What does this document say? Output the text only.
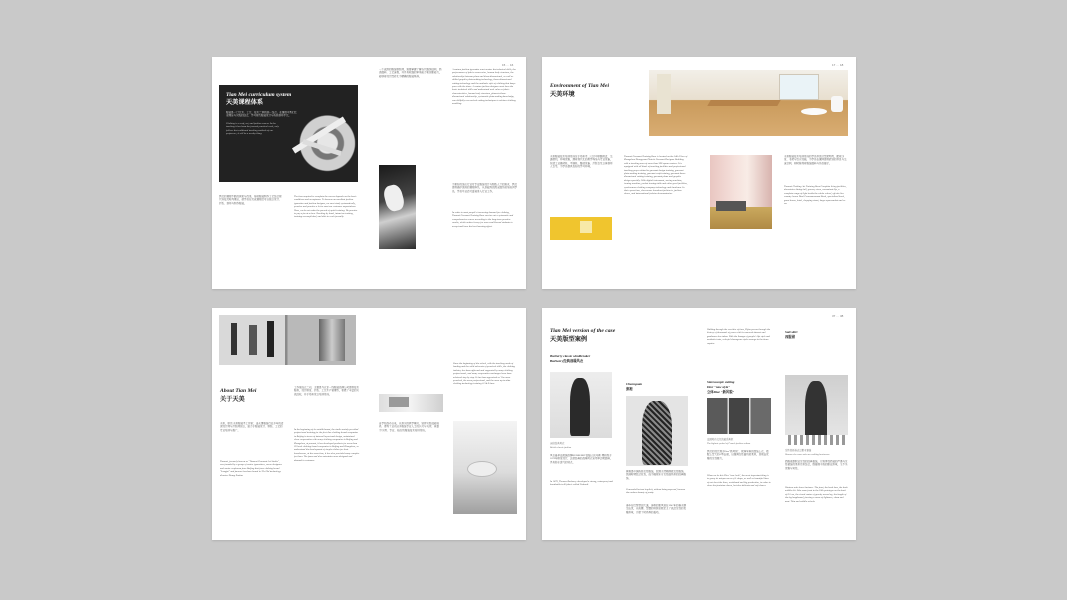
15 ··· 16
Tian Mei curriculum system
天美课程体系
服装是一门'艺术、工艺、技术'之间的统一结合。在课程中我们注重理论与实践的结合，学习现代服装设计与传统裁剪手艺。
Clothing is a craft, art, and fashion course. In the teaching it has been the focused practical work, only follows the traditional teaching methods of our professors, it will be a worthy thing.
我们的课程不断的探索与改进，传统服装制作工艺结合现代科技及时尚理念，使学员在完成课程后可以独立设计、打版、裁剪与制作服装。
The time required to complete the course depends on the basic conditions and acceptance. To become an excellent fashion typesetter and fashion designer, we must study systematically, practice and practice a lot to meet our customer expectations. Here, we do not make the pursuit of quick training. We promise to pay a fee at a time. Teaching by hand, intensive training, training accomplished, and able to work formally.
一个成熟的服装制版师，需要掌握了解当代服饰结构，熟悉面料、工艺流程，并且有较强的审美能力和创新能力，能够将设计图转化为精确的服装纸样。
A mature fashion typesetter must master the technical skills, the performance of fabric accessories, human body structure, the relationship between plane and three-dimensional, as well as skilled graphic plate-making technology, three-dimensional cutting technology and the aesthetic style of clothing that keeps pace with the times. A mature fashion designer must have the basic technical skills and understand such rules as fabric characteristics, human body structure, plane-to-three-dimensional relationship, systematic plate-making knowledge, can skillfully use vertical cutting techniques to achieve clothing modeling.
为更好的适应行业对专业服装设计与制版人才的需求，我们提供循序渐进的课程体系，从基础到高级全面系统地培训学员，学员毕业后可直接进入行业工作。
In order to meet people's increasing demand for clothing, Tianmei Garment Training Base carries out a systematic and comprehensive course according to the long-term practice results, which makes it easy for even small-based students to accept and have the best learning effect.
17 ··· 18
Environment of Tian Mei
天美环境
天美服装技术培训基地位于郑州市二七区中原路附近，交通便利，环境优雅，拥有现代化的教学场地与专业设备，包括工业缝纫机、平缝机、整烫设备、打版台及立体裁剪人台等，为学员提供良好的学习环境。
Tianmei Garment Training Base is located on the 14th Floor of Zhengzhou Zhongyuan District Garment Designer Building with a teaching area of more than 300 square meters. It is equipped with all kinds of teaching facilities and professional teaching props related to garment design training, garment plate-making training, garment craft training, garment three-dimensional cutting training, garment plane and graphic design specially. With digital instrument, sewing machine, ironing machine, pocket ironing table and other good facilities, synchronous clothing company technology and hardware. In their spare time, classrooms broadcast fashion tv, fashion shows, and international fashion documentaries.
天美服装技术培训基地的学员休息区宽敞明亮，配有沙发、书架与饮水设施，为学员在课间提供舒适的休息与交流空间，同时陈列有服装面料与作品展示。
Tianmei Clothing Art Training Base Complete living facilities, downstairs dining hall, grocery store, convenient life, a complete range of light inside the whole school, off-site live country house Dual Commencement Book, specialized book, guest house, hotel, shopping street, large supermarket and so on.
About Tian Mei
关于天美
天美，原名'天美服装手工作室'，由从事服装行业多年的资深设计师与打版师创立，致力于服装设计、制版、工艺的专业培训与推广。
Tianmei, formerly known as "Tianmei Garment Art Studio", was founded by a group of senior typesetters, sewer designers and senior craftsmen from Beijing that from clothing brand "Langfei" and famous brochure brand in 70s Old technology director Zhang Xuelan.
工作室成立之初，主要是为北京一线服装品牌公司提供技术服务，设计研发、打版、工艺生产管理等，积累了丰富的实战经验，并于郑州设立培训基地。
In the beginning of its establishment, the studio mainly provided professional training for the first-line clothing brand companies in Beijing in terms of internal layout and design, maintained close cooperation with many clothing companies in Beijing and Zhengzhou, at present, it has developed products for more than 20 local clothing brand companies in Beijing and Zhengzhou, so understand the development of simple clothes for their boardrooms, at the same time, it has also provided many samples for them. The fame and also entertains more designed and demand in costumes.
Since the beginning of the school, with the teaching mode of landing and the solid advocate of practical skills, the clothing industry has been affirmed and supported by many clothing professionals, and many cooperative exchanges have been achieved step by step. It has been appraised as "the more practical, the more professional, and the more up-to-date clothing technology training #1 & 0 base.
自学校创办以来，以务实的教学模式，坚持实践技能培养，得到了业内众多服装专业人士的认可与支持，被誉为'实用、专业、前沿'的服装技术培训基地。
37 ··· 38
Tian Mei version of the case
天美版型案例
Burberry classic windbreaker
Burberry经典战壕风衣
英伦经典风衣
British classic fashion
风衣最早由英国品牌BURBERRY创始人托马斯·博柏利于1879年研发设计，这款经典的战壕风衣采用华达呢面料，具有防水透气的特点。
In 1879, Thomas Burberry developed a strong, waterproof and breathable twill fabric called Gabardi.
Cheongsam
旗袍
旗袍是中国传统女性服装，起源于清朝满族女性服饰，民国时期经过改良，成为展现东方女性曲线美的经典服饰。
Concealed but not implicit, without being exposed, become the modern beauty of pretty.
漫步在巴黎蒙田大道，迪奥的新风貌在1947年的春天横空出世，以收腰、宽摆的剪裁重新定义了战后女性的优雅形象，引起了时尚界的轰动。
Walking through the corridor of time, Dijon passes through the history of thousands of years with its removed interest and gentleness has taken. With the lineage of people's life style and aesthetic taste, colorful cheongsam styles emerge in the times require.
Stereoscopic cutting
Dior "new style"
立体Dior "新风貌"
法国时尚文化的最高象征
The highest symbol of French fashion culture
我们的设计源于Dior"新风貌"，紧凑窄肩的西装上衣，搭配上宽大的A型长裙，以强调女性曲线的柔美，呈现出优雅的女性魅力。
When we do this Dior "new look", the most important thing is to grasp its unique curve of 5 shape, as well as beautiful lines of not short the lines, waistband and big production, in order to show the feminine charm, but also delicate and soft charm.
Suit skirt
西服裙
女性的新标志是职业套装
Women who wear suits are walking businesses
西服裙是职业女性的经典着装，它将男性西装的严谨与女性裙装的柔美完美结合，既展现干练的职业形象，又不失优雅与知性。
Western suits dress business. The front, the back hem, the back middle slit. Side seam front to the 10th prototype on the back of 0.5 cm, the visual center of gravity moved up, the length of the leg lengthened, forming a sense of lightness, clean and neat. Thin and middle schools
